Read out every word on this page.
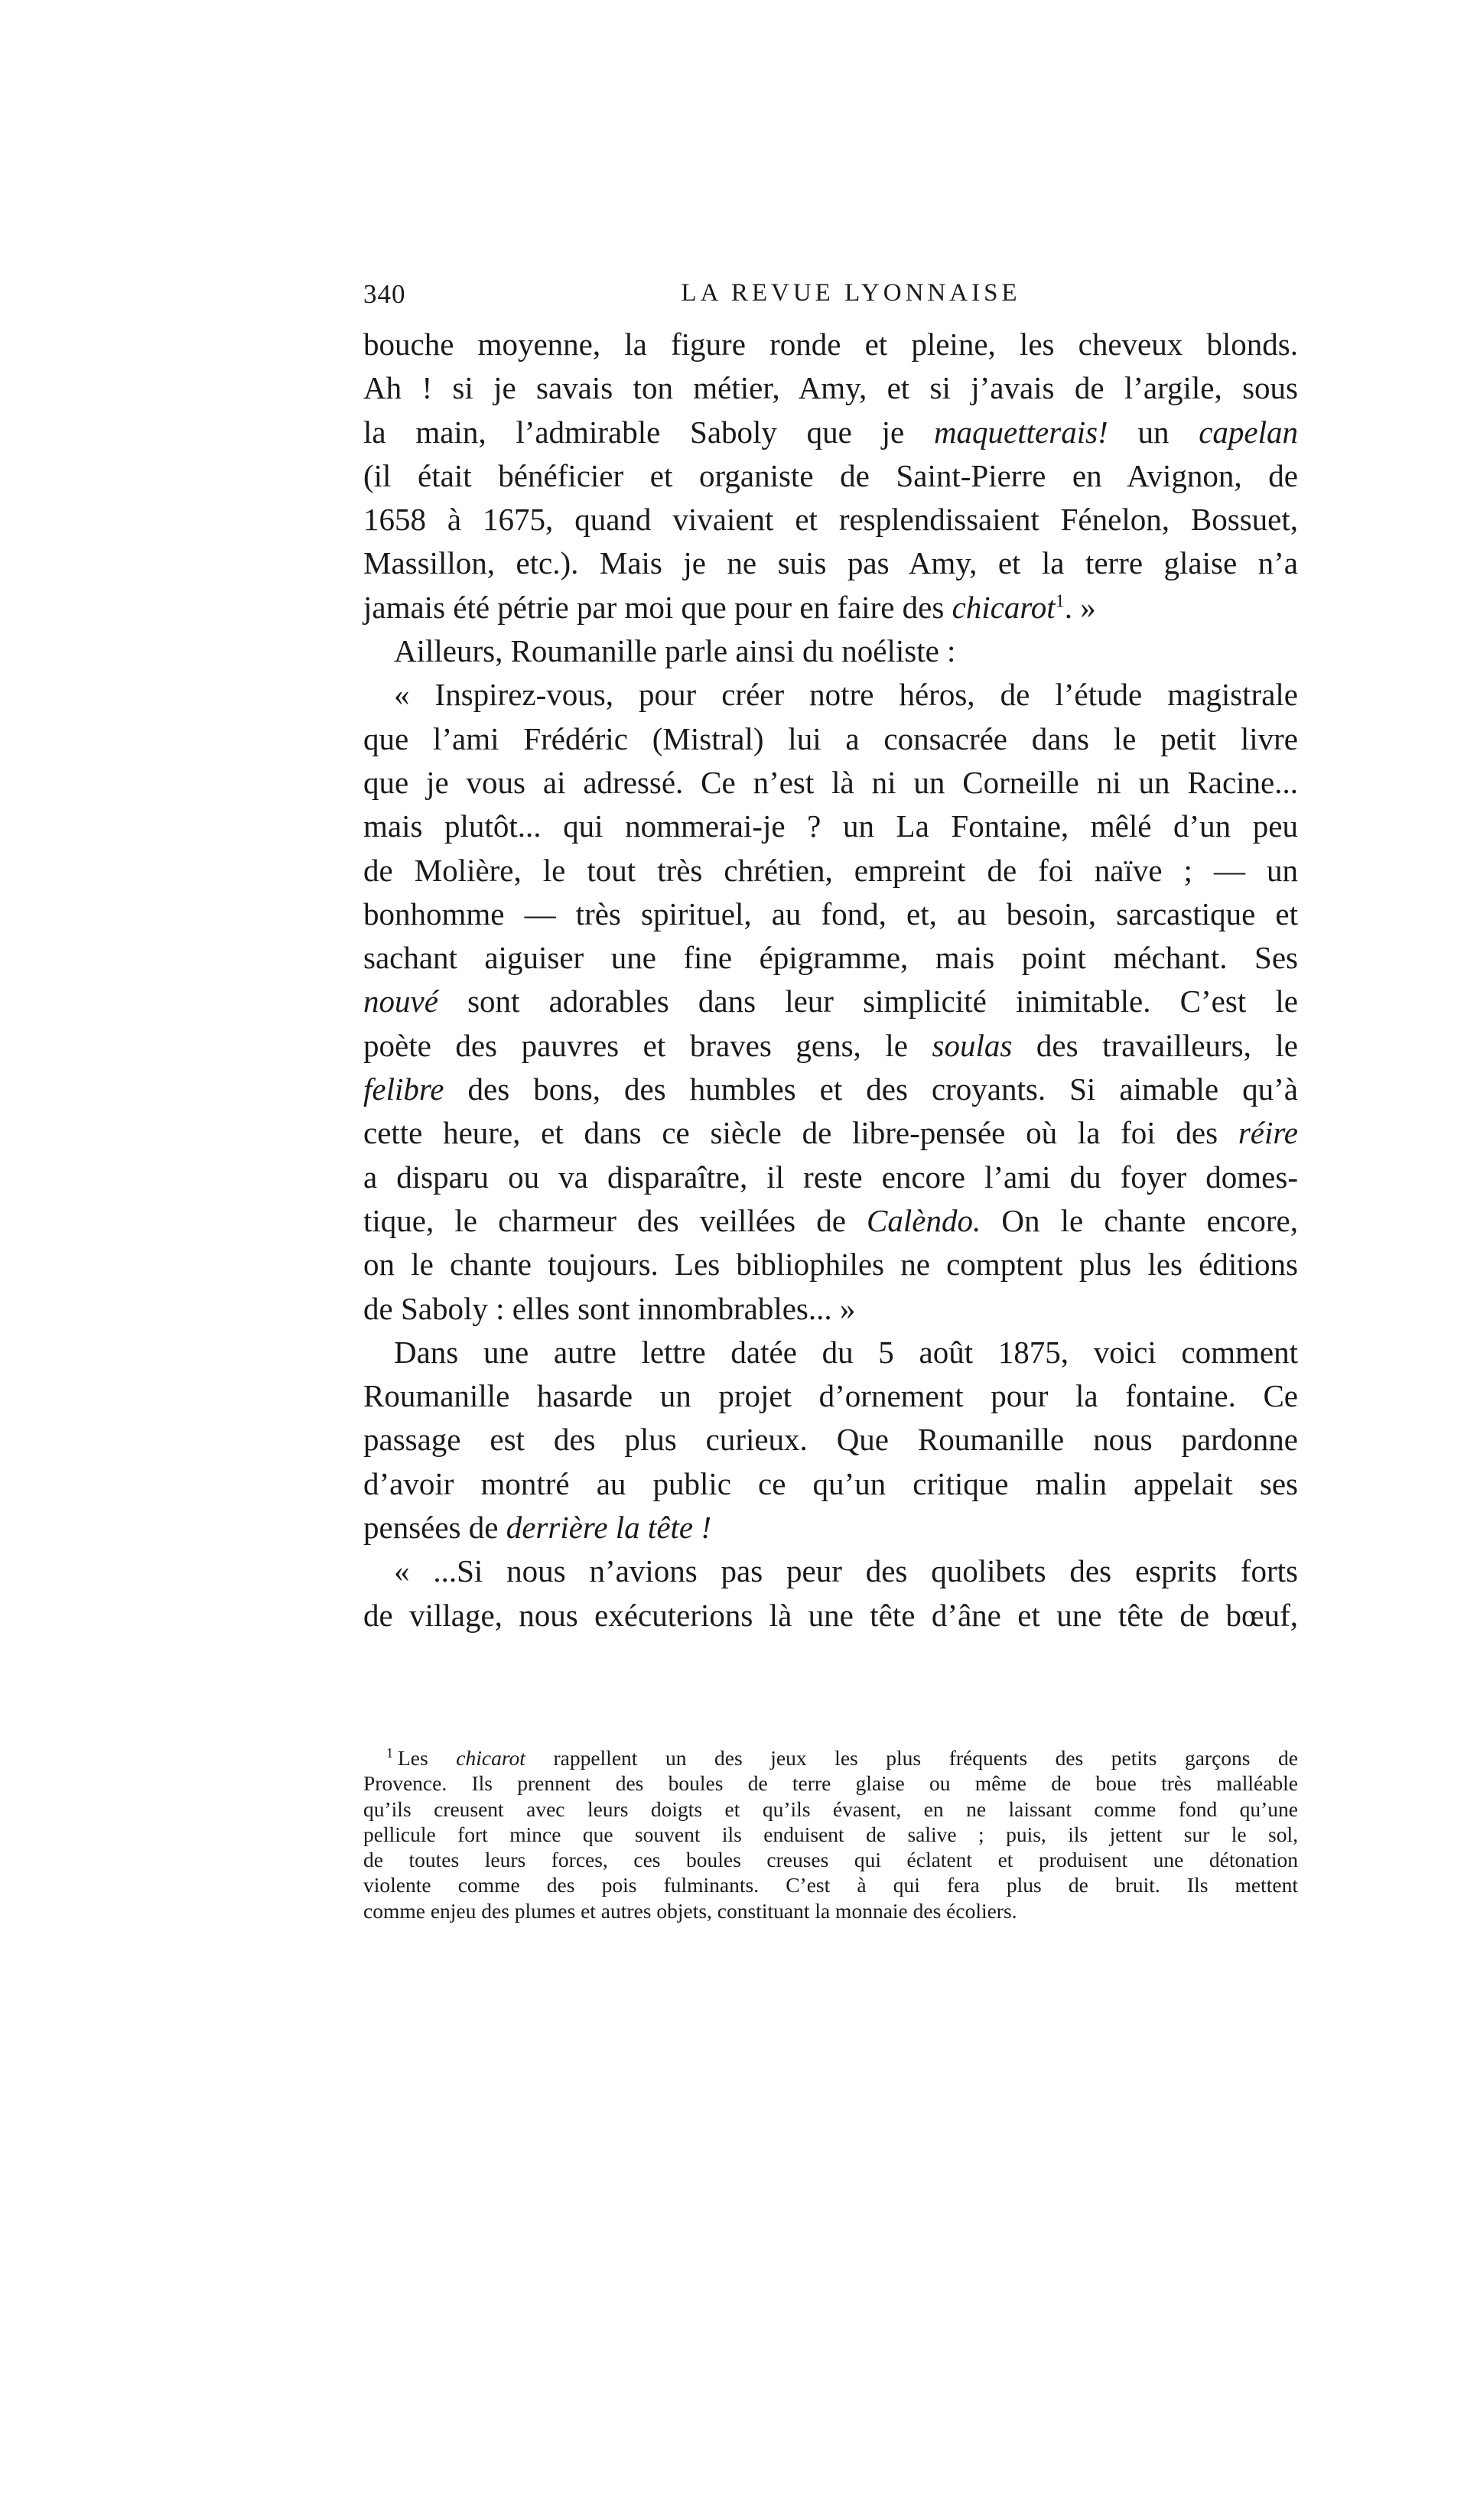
340	LA REVUE LYONNAISE
bouche moyenne, la figure ronde et pleine, les cheveux blonds.
Ah ! si je savais ton métier, Amy, et si j’avais de l’argile, sous
la main, l’admirable Saboly que je maquetterais! un capelan
(il était bénéficier et organiste de Saint-Pierre en Avignon, de
1658 à 1675, quand vivaient et resplendissaient Fénelon, Bossuet,
Massillon, etc.). Mais je ne suis pas Amy, et la terre glaise n’a
jamais été pétrie par moi que pour en faire des chicarot$^1$. »
Ailleurs, Roumanille parle ainsi du noéliste :
« Inspirez-vous, pour créer notre héros, de l’étude magistrale
que l’ami Frédéric (Mistral) lui a consacrée dans le petit livre
que je vous ai adressé. Ce n’est là ni un Corneille ni un Racine...
mais plutôt... qui nommerai-je ? un La Fontaine, mêlé d’un peu
de Molière, le tout très chrétien, empreint de foi naïve ; — un
bonhomme — très spirituel, au fond, et, au besoin, sarcastique et
sachant aiguiser une fine épigramme, mais point méchant. Ses
nouvé sont adorables dans leur simplicité inimitable. C’est le
poète des pauvres et braves gens, le soulas des travailleurs, le
felibre des bons, des humbles et des croyants. Si aimable qu’à
cette heure, et dans ce siècle de libre-pensée où la foi des réire
a disparu ou va disparaître, il reste encore l’ami du foyer domes-
tique, le charmeur des veillées de Calèndo. On le chante encore,
on le chante toujours. Les bibliophiles ne comptent plus les éditions
de Saboly : elles sont innombrables... »
Dans une autre lettre datée du 5 août 1875, voici comment
Roumanille hasarde un projet d’ornement pour la fontaine. Ce
passage est des plus curieux. Que Roumanille nous pardonne
d’avoir montré au public ce qu’un critique malin appelait ses
pensées de derrière la tête !
« ...Si nous n’avions pas peur des quolibets des esprits forts
de village, nous exécuterions là une tête d’âne et une tête de bœuf,
$^1$ Les chicarot rappellent un des jeux les plus fréquents des petits garçons de
Provence. Ils prennent des boules de terre glaise ou même de boue très malléable
qu’ils creusent avec leurs doigts et qu’ils évasent, en ne laissant comme fond qu’une
pellicule fort mince que souvent ils enduisent de salive ; puis, ils jettent sur le sol,
de toutes leurs forces, ces boules creuses qui éclatent et produisent une détonation
violente comme des pois fulminants. C’est à qui fera plus de bruit. Ils mettent
comme enjeu des plumes et autres objets, constituant la monnaie des écoliers.
